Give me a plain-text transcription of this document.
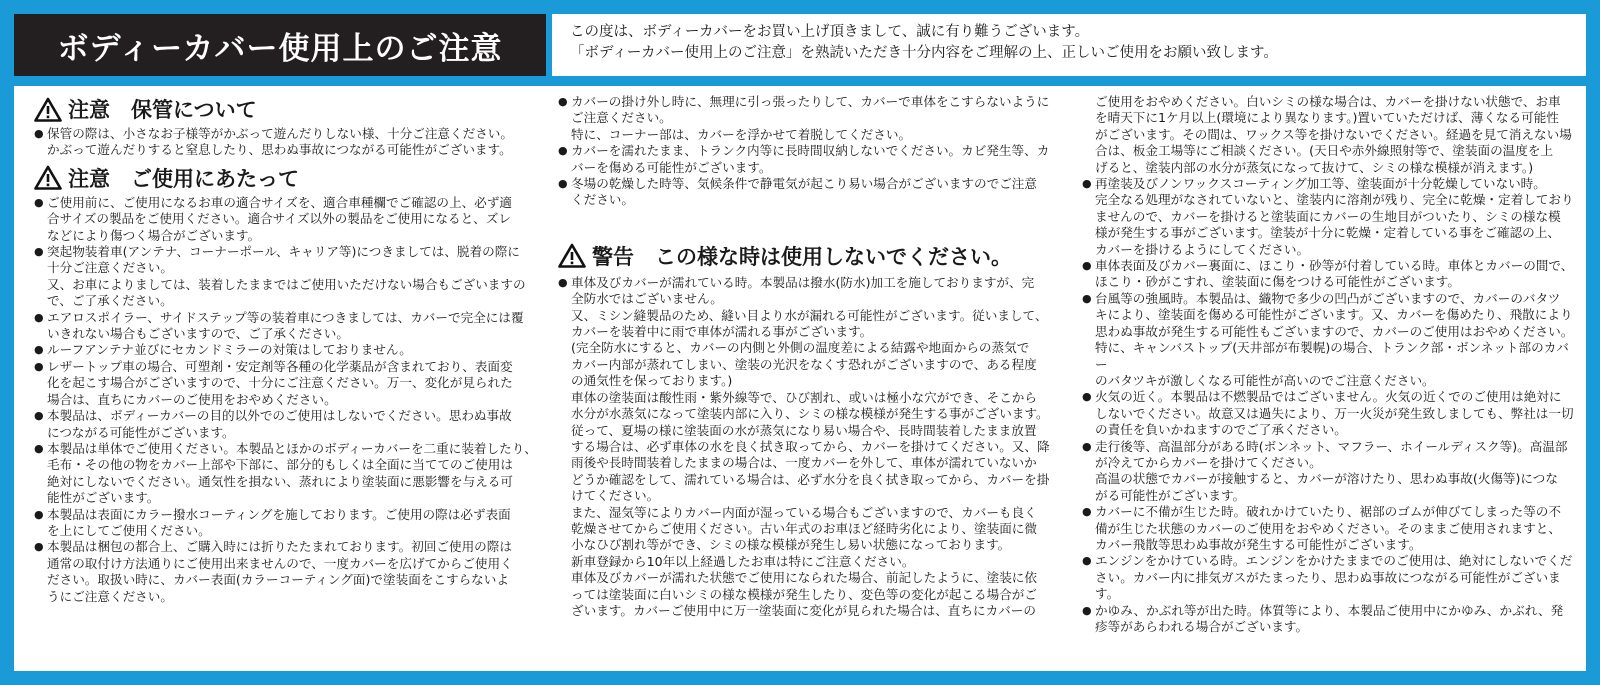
ボディーカバー使用上のご注意	この度は、ボディーカバーをお買い上げ頂きまして、誠に有り難うございます。
「ボディーカバー使用上のご注意」を熟読いただき十分内容をご理解の上、正しいご使用をお願い致します。
注意　保管について
● 保管の際は、小さなお子様等がかぶって遊んだりしない様、十分ご注意ください。
かぶって遊んだりすると窒息したり、思わぬ事故につながる可能性がございます。
注意　ご使用にあたって
● ご使用前に、ご使用になるお車の適合サイズを、適合車種欄でご確認の上、必ず適
合サイズの製品をご使用ください。適合サイズ以外の製品をご使用になると、ズレ
などにより傷つく場合がございます。
● 突起物装着車(アンテナ、コーナーポール、キャリア等)につきましては、脱着の際に
十分ご注意ください。
又、お車によりましては、装着したままではご使用いただけない場合もございますの
で、ご了承ください。
● エアロスポイラー、サイドステップ等の装着車につきましては、カバーで完全には覆
いきれない場合もございますので、ご了承ください。
● ルーフアンテナ並びにセカンドミラーの対策はしておりません。
● レザートップ車の場合、可塑剤・安定剤等各種の化学薬品が含まれており、表面変
化を起こす場合がございますので、十分にご注意ください。万一、変化が見られた
場合は、直ちにカバーのご使用をおやめください。
● 本製品は、ボディーカバーの目的以外でのご使用はしないでください。思わぬ事故
につながる可能性がございます。
● 本製品は単体でご使用ください。本製品とほかのボディーカバーを二重に装着したり、
毛布・その他の物をカバー上部や下部に、部分的もしくは全面に当ててのご使用は
絶対にしないでください。通気性を損ない、蒸れにより塗装面に悪影響を与える可
能性がございます。
● 本製品は表面にカラー撥水コーティングを施しております。ご使用の際は必ず表面
を上にしてご使用ください。
● 本製品は梱包の都合上、ご購入時には折りたたまれております。初回ご使用の際は
通常の取付け方法通りにご使用出来ませんので、一度カバーを広げてからご使用く
ださい。取扱い時に、カバー表面(カラーコーティング面)で塗装面をこすらないよ
うにご注意ください。
● カバーの掛け外し時に、無理に引っ張ったりして、カバーで車体をこすらないように
ご注意ください。
特に、コーナー部は、カバーを浮かせて着脱してください。
● カバーを濡れたまま、トランク内等に長時間収納しないでください。カビ発生等、カ
バーを傷める可能性がございます。
● 冬場の乾燥した時等、気候条件で静電気が起こり易い場合がございますのでご注意
ください。
警告　この様な時は使用しないでください。
● 車体及びカバーが濡れている時。本製品は撥水(防水)加工を施しておりますが、完
全防水ではございません。
又、ミシン縫製品のため、縫い目より水が漏れる可能性がございます。従いまして、
カバーを装着中に雨で車体が濡れる事がございます。
(完全防水にすると、カバーの内側と外側の温度差による結露や地面からの蒸気で
カバー内部が蒸れてしまい、塗装の光沢をなくす恐れがございますので、ある程度
の通気性を保っております。)
車体の塗装面は酸性雨・紫外線等で、ひび割れ、或いは極小な穴ができ、そこから
水分が水蒸気になって塗装内部に入り、シミの様な模様が発生する事がございます。
従って、夏場の様に塗装面の水が蒸気になり易い場合や、長時間装着したまま放置
する場合は、必ず車体の水を良く拭き取ってから、カバーを掛けてください。又、降
雨後や長時間装着したままの場合は、一度カバーを外して、車体が濡れていないか
どうか確認をして、濡れている場合は、必ず水分を良く拭き取ってから、カバーを掛
けてください。
また、湿気等によりカバー内面が湿っている場合もございますので、カバーも良く
乾燥させてからご使用ください。古い年式のお車ほど経時劣化により、塗装面に微
小なひび割れ等ができ、シミの様な模様が発生し易い状態になっております。
新車登録から10年以上経過したお車は特にご注意ください。
車体及びカバーが濡れた状態でご使用になられた場合、前記したように、塗装に依
っては塗装面に白いシミの様な模様が発生したり、変色等の変化が起こる場合がご
ざいます。カバーご使用中に万一塗装面に変化が見られた場合は、直ちにカバーの
ご使用をおやめください。白いシミの様な場合は、カバーを掛けない状態で、お車
を晴天下に1ケ月以上(環境により異なります。)置いていただけば、薄くなる可能性
がございます。その間は、ワックス等を掛けないでください。経過を見て消えない場
合は、板金工場等にご相談ください。(天日や赤外線照射等で、塗装面の温度を上
げると、塗装内部の水分が蒸気になって抜けて、シミの様な模様が消えます。)
● 再塗装及びノンワックスコーティング加工等、塗装面が十分乾燥していない時。
完全なる処理がなされていないと、塗装内に溶剤が残り、完全に乾燥・定着しており
ませんので、カバーを掛けると塗装面にカバーの生地目がついたり、シミの様な模
様が発生する事がございます。塗装が十分に乾燥・定着している事をご確認の上、
カバーを掛けるようにしてください。
● 車体表面及びカバー裏面に、ほこり・砂等が付着している時。車体とカバーの間で、
ほこり・砂がこすれ、塗装面に傷をつける可能性がございます。
● 台風等の強風時。本製品は、織物で多少の凹凸がございますので、カバーのバタツ
キにより、塗装面を傷める可能性がございます。又、カバーを傷めたり、飛散により
思わぬ事故が発生する可能性もございますので、カバーのご使用はおやめください。
特に、キャンバストップ(天井部が布製幌)の場合、トランク部・ボンネット部のカバー
のバタツキが激しくなる可能性が高いのでご注意ください。
● 火気の近く。本製品は不燃製品ではございません。火気の近くでのご使用は絶対に
しないでください。故意又は過失により、万一火災が発生致しましても、弊社は一切
の責任を負いかねますのでご了承ください。
● 走行後等、高温部分がある時(ボンネット、マフラー、ホイールディスク等)。高温部
が冷えてからカバーを掛けてください。
高温の状態でカバーが接触すると、カバーが溶けたり、思わぬ事故(火傷等)につな
がる可能性がございます。
● カバーに不備が生じた時。破れかけていたり、裾部のゴムが伸びてしまった等の不
備が生じた状態のカバーのご使用をおやめください。そのままご使用されますと、
カバー飛散等思わぬ事故が発生する可能性がございます。
● エンジンをかけている時。エンジンをかけたままでのご使用は、絶対にしないでくだ
さい。カバー内に排気ガスがたまったり、思わぬ事故につながる可能性がございます。
● かゆみ、かぶれ等が出た時。体質等により、本製品ご使用中にかゆみ、かぶれ、発
疹等があらわれる場合がございます。
